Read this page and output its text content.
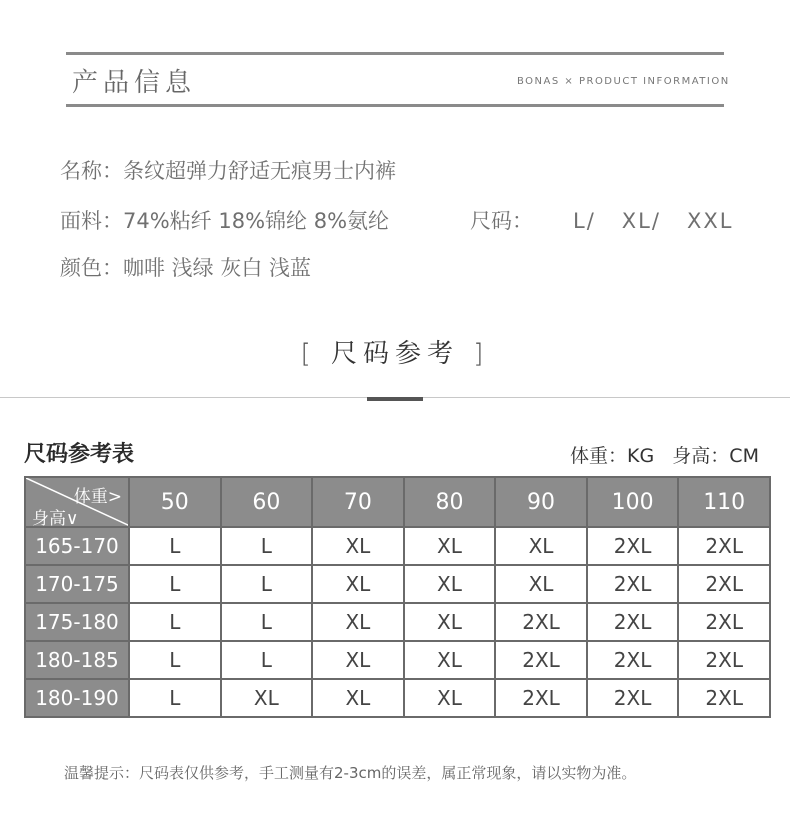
产品信息	BONAS × PRODUCT INFORMATION
名称：条纹超弹力舒适无痕男士内裤
面料：74%粘纤 18%锦纶 8%氨纶	尺码： L/   XL/   XXL
颜色：咖啡 浅绿 灰白 浅蓝
[ 尺码参考 ]
尺码参考表	体重：KG   身高：CM
体重>
身高∨	50	60	70	80	90	100	110
165-170	L	L	XL	XL	XL	2XL	2XL
170-175	L	L	XL	XL	XL	2XL	2XL
175-180	L	L	XL	XL	2XL	2XL	2XL
180-185	L	L	XL	XL	2XL	2XL	2XL
180-190	L	XL	XL	XL	2XL	2XL	2XL
温馨提示：尺码表仅供参考，手工测量有2-3cm的误差，属正常现象，请以实物为准。
